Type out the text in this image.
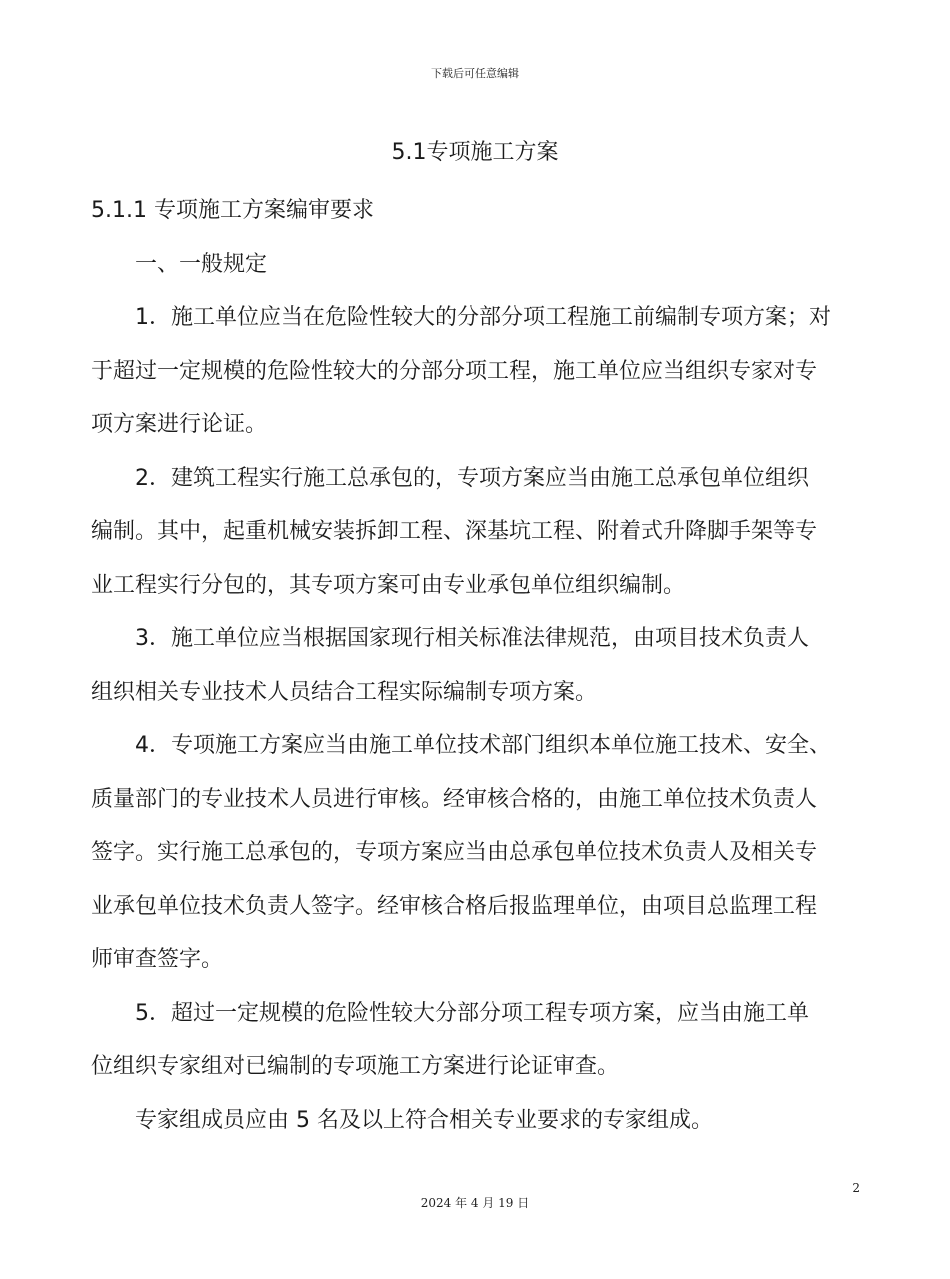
下载后可任意编辑
5.1专项施工方案
5.1.1 专项施工方案编审要求
一、一般规定
1．施工单位应当在危险性较大的分部分项工程施工前编制专项方案；对
于超过一定规模的危险性较大的分部分项工程，施工单位应当组织专家对专
项方案进行论证。
2．建筑工程实行施工总承包的，专项方案应当由施工总承包单位组织
编制。其中，起重机械安装拆卸工程、深基坑工程、附着式升降脚手架等专
业工程实行分包的，其专项方案可由专业承包单位组织编制。
3．施工单位应当根据国家现行相关标准法律规范，由项目技术负责人
组织相关专业技术人员结合工程实际编制专项方案。
4．专项施工方案应当由施工单位技术部门组织本单位施工技术、安全、
质量部门的专业技术人员进行审核。经审核合格的，由施工单位技术负责人
签字。实行施工总承包的，专项方案应当由总承包单位技术负责人及相关专
业承包单位技术负责人签字。经审核合格后报监理单位，由项目总监理工程
师审查签字。
5．超过一定规模的危险性较大分部分项工程专项方案，应当由施工单
位组织专家组对已编制的专项施工方案进行论证审查。
专家组成员应由 5 名及以上符合相关专业要求的专家组成。
2
2024 年 4 月 19 日
